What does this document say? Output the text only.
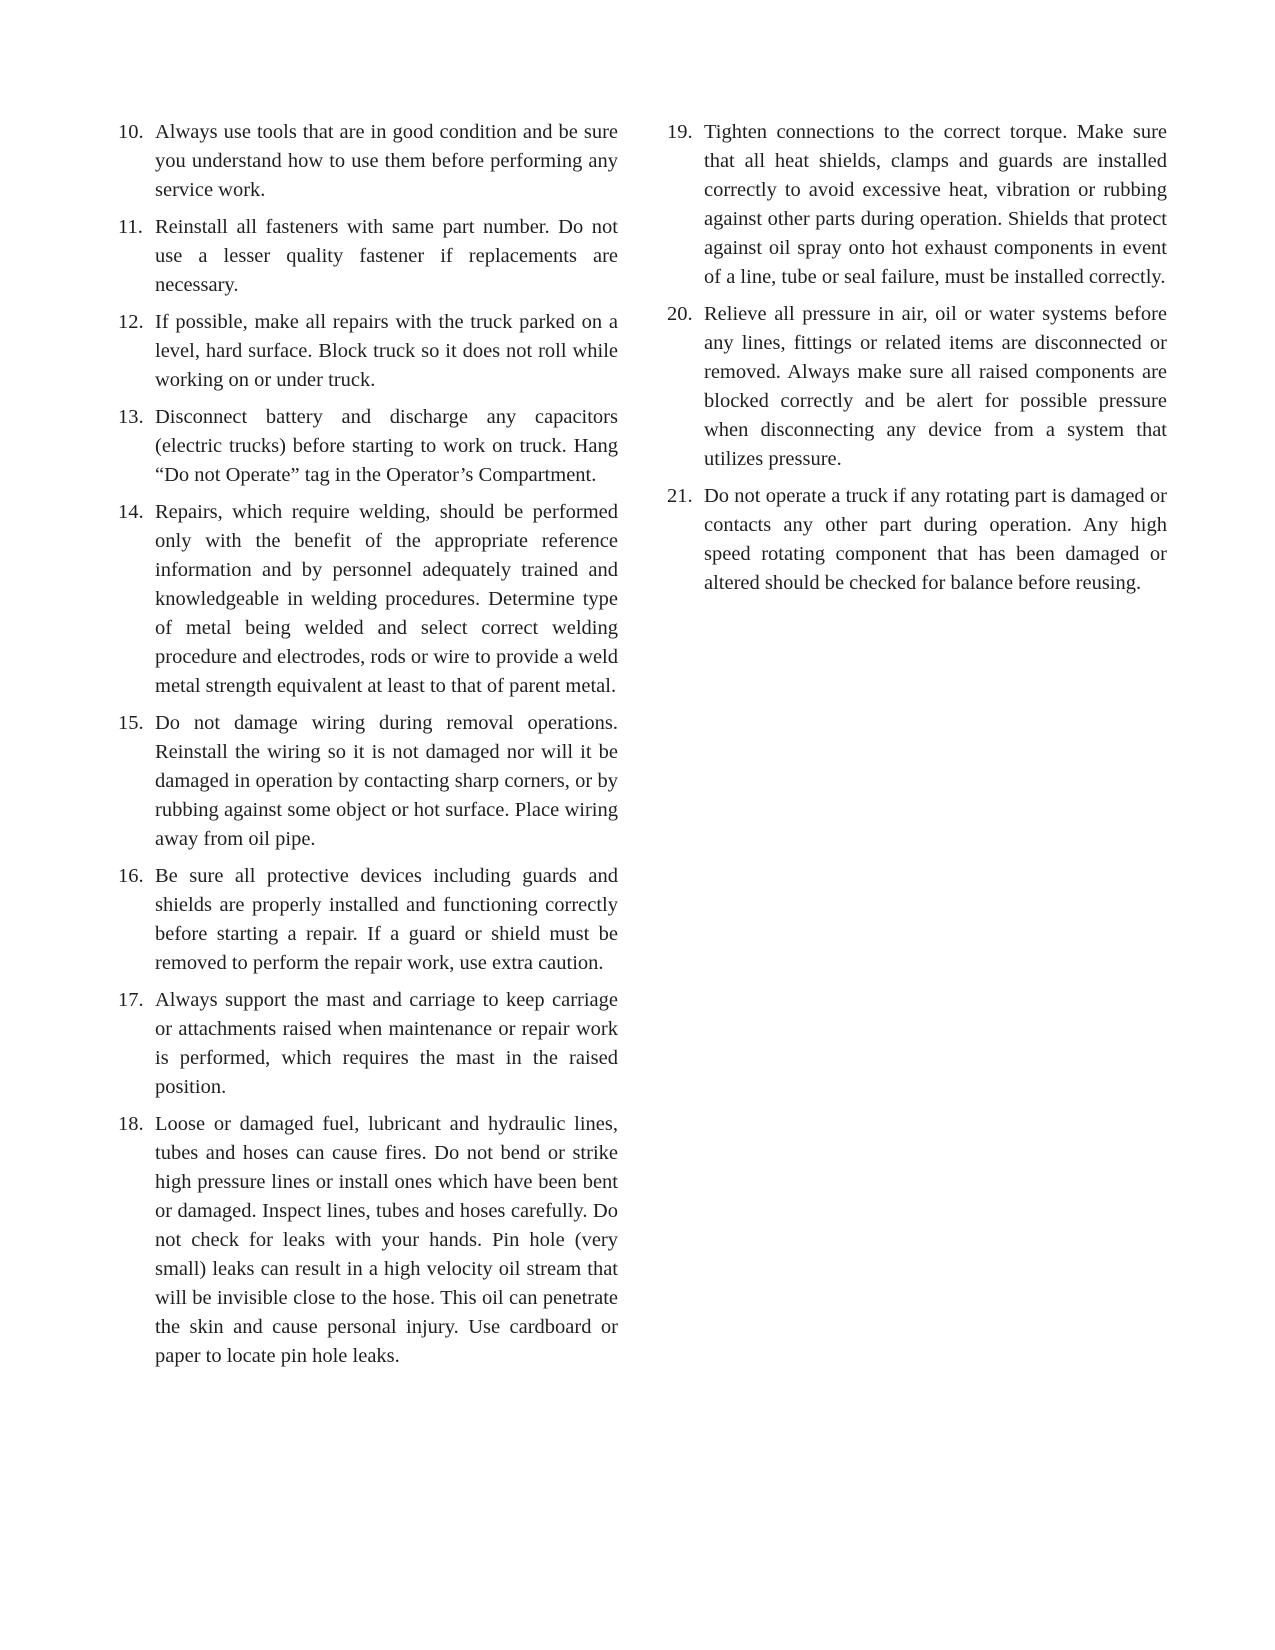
10. Always use tools that are in good condition and be sure you understand how to use them before performing any service work.
11. Reinstall all fasteners with same part number. Do not use a lesser quality fastener if replacements are necessary.
12. If possible, make all repairs with the truck parked on a level, hard surface. Block truck so it does not roll while working on or under truck.
13. Disconnect battery and discharge any capacitors (electric trucks) before starting to work on truck. Hang “Do not Operate” tag in the Operator’s Compartment.
14. Repairs, which require welding, should be performed only with the benefit of the appropriate reference information and by personnel adequately trained and knowledgeable in welding procedures. Determine type of metal being welded and select correct welding procedure and electrodes, rods or wire to provide a weld metal strength equivalent at least to that of parent metal.
15. Do not damage wiring during removal operations. Reinstall the wiring so it is not damaged nor will it be damaged in operation by contacting sharp corners, or by rubbing against some object or hot surface. Place wiring away from oil pipe.
16. Be sure all protective devices including guards and shields are properly installed and functioning correctly before starting a repair. If a guard or shield must be removed to perform the repair work, use extra caution.
17. Always support the mast and carriage to keep carriage or attachments raised when maintenance or repair work is performed, which requires the mast in the raised position.
18. Loose or damaged fuel, lubricant and hydraulic lines, tubes and hoses can cause fires. Do not bend or strike high pressure lines or install ones which have been bent or damaged. Inspect lines, tubes and hoses carefully. Do not check for leaks with your hands. Pin hole (very small) leaks can result in a high velocity oil stream that will be invisible close to the hose. This oil can penetrate the skin and cause personal injury. Use cardboard or paper to locate pin hole leaks.
19. Tighten connections to the correct torque. Make sure that all heat shields, clamps and guards are installed correctly to avoid excessive heat, vibration or rubbing against other parts during operation. Shields that protect against oil spray onto hot exhaust components in event of a line, tube or seal failure, must be installed correctly.
20. Relieve all pressure in air, oil or water systems before any lines, fittings or related items are disconnected or removed. Always make sure all raised components are blocked correctly and be alert for possible pressure when disconnecting any device from a system that utilizes pressure.
21. Do not operate a truck if any rotating part is damaged or contacts any other part during operation. Any high speed rotating component that has been damaged or altered should be checked for balance before reusing.
